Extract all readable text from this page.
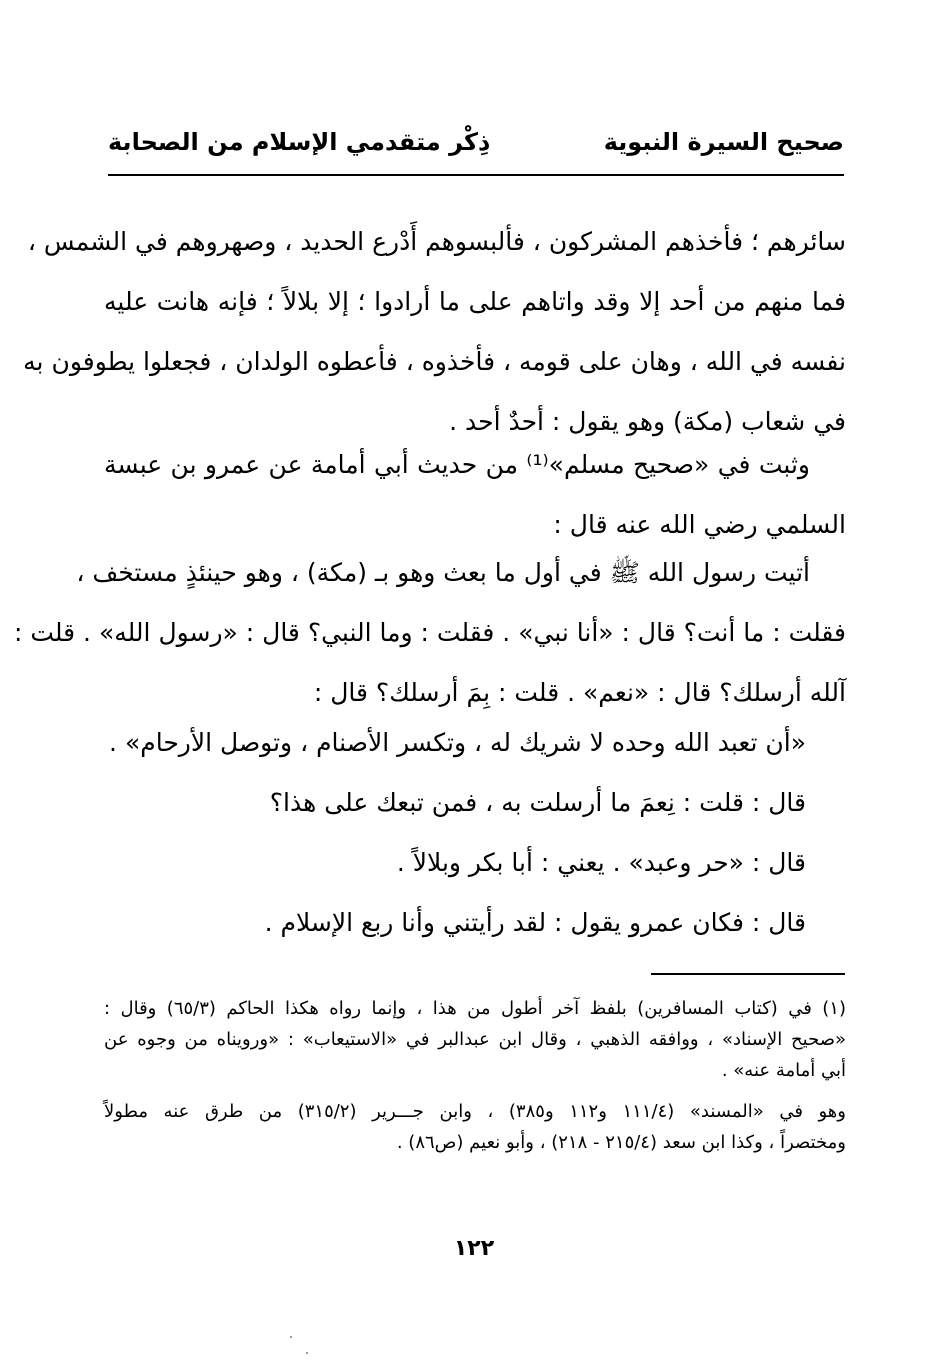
صحيح السيرة النبوية
ذِكْر متقدمي الإسلام من الصحابة
سائرهم ؛ فأخذهم المشركون ، فألبسوهم أَدْرع الحديد ، وصهروهم في الشمس ،
فما منهم من أحد إلا وقد واتاهم على ما أرادوا ؛ إلا بلالاً ؛ فإنه هانت عليه
نفسه في الله ، وهان على قومه ، فأخذوه ، فأعطوه الولدان ، فجعلوا يطوفون به
في شعاب (مكة) وهو يقول : أحدٌ أحد .
وثبت في «صحيح مسلم»⁽¹⁾ من حديث أبي أمامة عن عمرو بن عبسة
السلمي رضي الله عنه قال :
أتيت رسول الله ﷺ في أول ما بعث وهو بـ (مكة) ، وهو حينئذٍ مستخف ،
فقلت : ما أنت؟ قال : «أنا نبي» . فقلت : وما النبي؟ قال : «رسول الله» . قلت :
آلله أرسلك؟ قال : «نعم» . قلت : بِمَ أرسلك؟ قال :
«أن تعبد الله وحده لا شريك له ، وتكسر الأصنام ، وتوصل الأرحام» .
قال : قلت : نِعمَ ما أرسلت به ، فمن تبعك على هذا؟
قال : «حر وعبد» . يعني : أبا بكر وبلالاً .
قال : فكان عمرو يقول : لقد رأيتني وأنا ربع الإسلام .
(١) في (كتاب المسافرين) بلفظ آخر أطول من هذا ، وإنما رواه هكذا الحاكم (٦٥/٣) وقال :
«صحيح الإسناد» ، ووافقه الذهبي ، وقال ابن عبدالبر في «الاستيعاب» : «ورويناه من وجوه عن
أبي أمامة عنه» .
وهو في «المسند» (١١١/٤ و١١٢ و٣٨٥) ، وابن جـــرير (٣١٥/٢) من طرق عنه مطولاً
ومختصراً ، وكذا ابن سعد (٢١٥/٤ - ٢١٨) ، وأبو نعيم (ص٨٦) .
١٢٢
